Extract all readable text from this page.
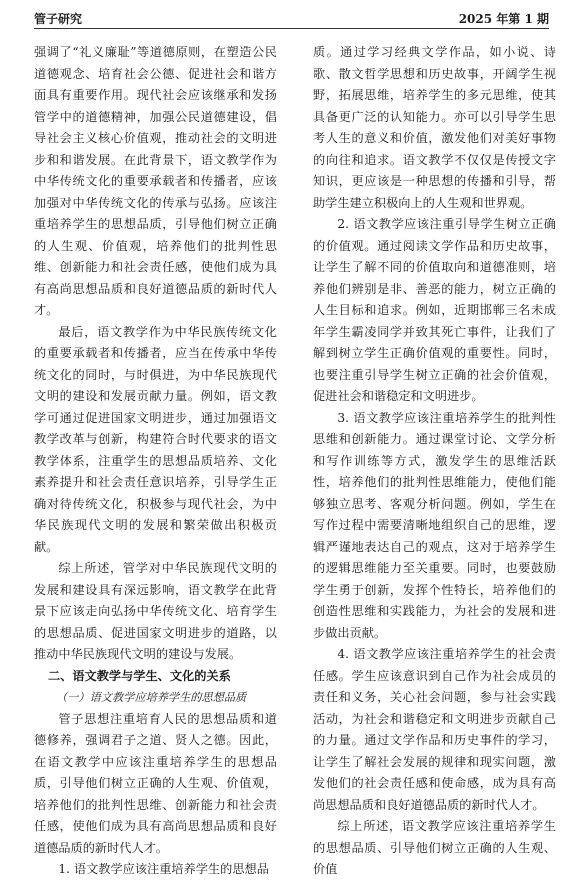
管子研究	2025 年第 1 期

强调了“礼义廉耻”等道德原则，在塑造公民道德观念、培育社会公德、促进社会和谐方面具有重要作用。现代社会应该继承和发扬管学中的道德精神，加强公民道德建设，倡导社会主义核心价值观，推动社会的文明进步和和谐发展。在此背景下，语文教学作为中华传统文化的重要承载者和传播者，应该加强对中华传统文化的传承与弘扬。应该注重培养学生的思想品质，引导他们树立正确的人生观、价值观，培养他们的批判性思维、创新能力和社会责任感，使他们成为具有高尚思想品质和良好道德品质的新时代人才。

最后，语文教学作为中华民族传统文化的重要承载者和传播者，应当在传承中华传统文化的同时，与时俱进，为中华民族现代文明的建设和发展贡献力量。例如，语文教学可通过促进国家文明进步，通过加强语文教学改革与创新，构建符合时代要求的语文教学体系，注重学生的思想品质培养、文化素养提升和社会责任意识培养，引导学生正确对待传统文化，积极参与现代社会，为中华民族现代文明的发展和繁荣做出积极贡献。

综上所述，管学对中华民族现代文明的发展和建设具有深远影响，语文教学在此背景下应该走向弘扬中华传统文化、培育学生的思想品质、促进国家文明进步的道路，以推动中华民族现代文明的建设与发展。

二、语文教学与学生、文化的关系
（一）语文教学应培养学生的思想品质

管子思想注重培育人民的思想品质和道德修养，强调君子之道、贤人之德。因此，在语文教学中应该注重培养学生的思想品质，引导他们树立正确的人生观、价值观，培养他们的批判性思维、创新能力和社会责任感，使他们成为具有高尚思想品质和良好道德品质的新时代人才。

1. 语文教学应该注重培养学生的思想品

质。通过学习经典文学作品，如小说、诗歌、散文哲学思想和历史故事，开阔学生视野，拓展思维，培养学生的多元思维，使其具备更广泛的认知能力。亦可以引导学生思考人生的意义和价值，激发他们对美好事物的向往和追求。语文教学不仅仅是传授文字知识，更应该是一种思想的传播和引导，帮助学生建立积极向上的人生观和世界观。

2. 语文教学应该注重引导学生树立正确的价值观。通过阅读文学作品和历史故事，让学生了解不同的价值取向和道德准则，培养他们辨别是非、善恶的能力，树立正确的人生目标和追求。例如，近期邯郸三名未成年学生霸凌同学并致其死亡事件，让我们了解到树立学生正确价值观的重要性。同时，也要注重引导学生树立正确的社会价值观，促进社会和谐稳定和文明进步。

3. 语文教学应该注重培养学生的批判性思维和创新能力。通过课堂讨论、文学分析和写作训练等方式，激发学生的思维活跃性，培养他们的批判性思维能力，使他们能够独立思考、客观分析问题。例如，学生在写作过程中需要清晰地组织自己的思维，逻辑严谨地表达自己的观点，这对于培养学生的逻辑思维能力至关重要。同时，也要鼓励学生勇于创新，发挥个性特长，培养他们的创造性思维和实践能力，为社会的发展和进步做出贡献。

4. 语文教学应该注重培养学生的社会责任感。学生应该意识到自己作为社会成员的责任和义务，关心社会问题，参与社会实践活动，为社会和谐稳定和文明进步贡献自己的力量。通过文学作品和历史事件的学习，让学生了解社会发展的规律和现实问题，激发他们的社会责任感和使命感，成为具有高尚思想品质和良好道德品质的新时代人才。

综上所述，语文教学应该注重培养学生的思想品质、引导他们树立正确的人生观、价值
